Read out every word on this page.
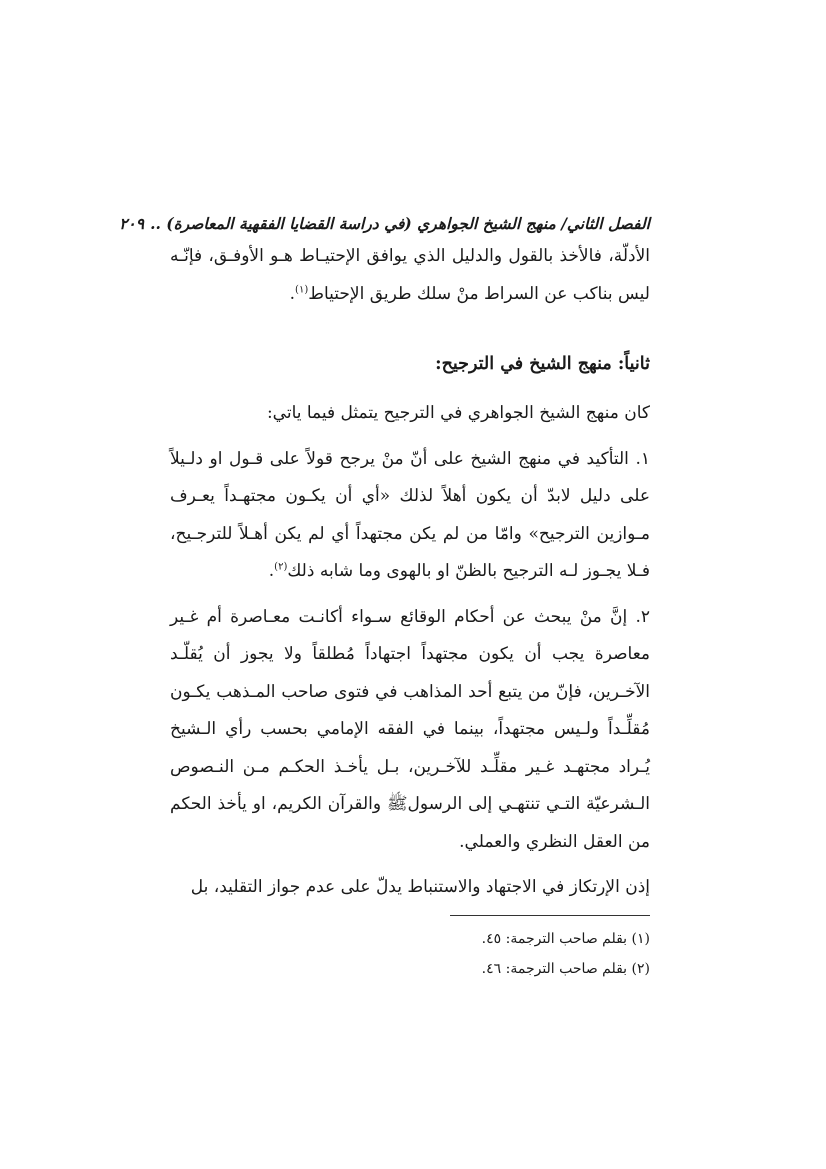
الفصل الثاني/ منهج الشيخ الجواهري (في دراسة القضايا الفقهية المعاصرة) ..٢٠٩

الأدلّة، فالأخذ بالقول والدليل الذي يوافق الإحتيـاط هـو الأوفـق، فإنّـه ليس بناكب عن السراط منْ سلك طريق الإحتياط$^{(١)}$.

ثانياً: منهج الشيخ في الترجيح:

كان منهج الشيخ الجواهري في الترجيح يتمثل فيما ياتي:

١. التأكيد في منهج الشيخ على أنّ منْ يرجح قولاً على قـول او دلـيلاً على دليل لابدّ أن يكون أهلاً لذلك «أي أن يكـون مجتهـداً يعـرف مـوازين الترجيح» وامّا من لم يكن مجتهداً أي لم يكن أهـلاً للترجـيح، فـلا يجـوز لـه الترجيح بالظنّ او بالهوى وما شابه ذلك$^{(٢)}$.

٢. إنَّ منْ يبحث عن أحكام الوقائع سـواء أكانـت معـاصرة أم غـير معاصرة يجب أن يكون مجتهداً اجتهاداً مُطلقاً ولا يجوز أن يُقلّـد الآخـرين، فإنّ من يتبع أحد المذاهب في فتوى صاحب المـذهب يكـون مُقلِّـداً ولـيس مجتهداً، بينما في الفقه الإمامي بحسب رأي الـشيخ يُـراد مجتهـد غـير مقلِّـد للآخـرين، بـل يأخـذ الحكـم مـن النـصوص الـشرعيّة التـي تنتهـي إلى الرسولﷺ والقرآن الكريم، او يأخذ الحكم من العقل النظري والعملي.

إذن الإرتكاز في الاجتهاد والاستنباط يدلّ على عدم جواز التقليد، بل

(١) بقلم صاحب الترجمة: ٤٥.

(٢) بقلم صاحب الترجمة: ٤٦.
